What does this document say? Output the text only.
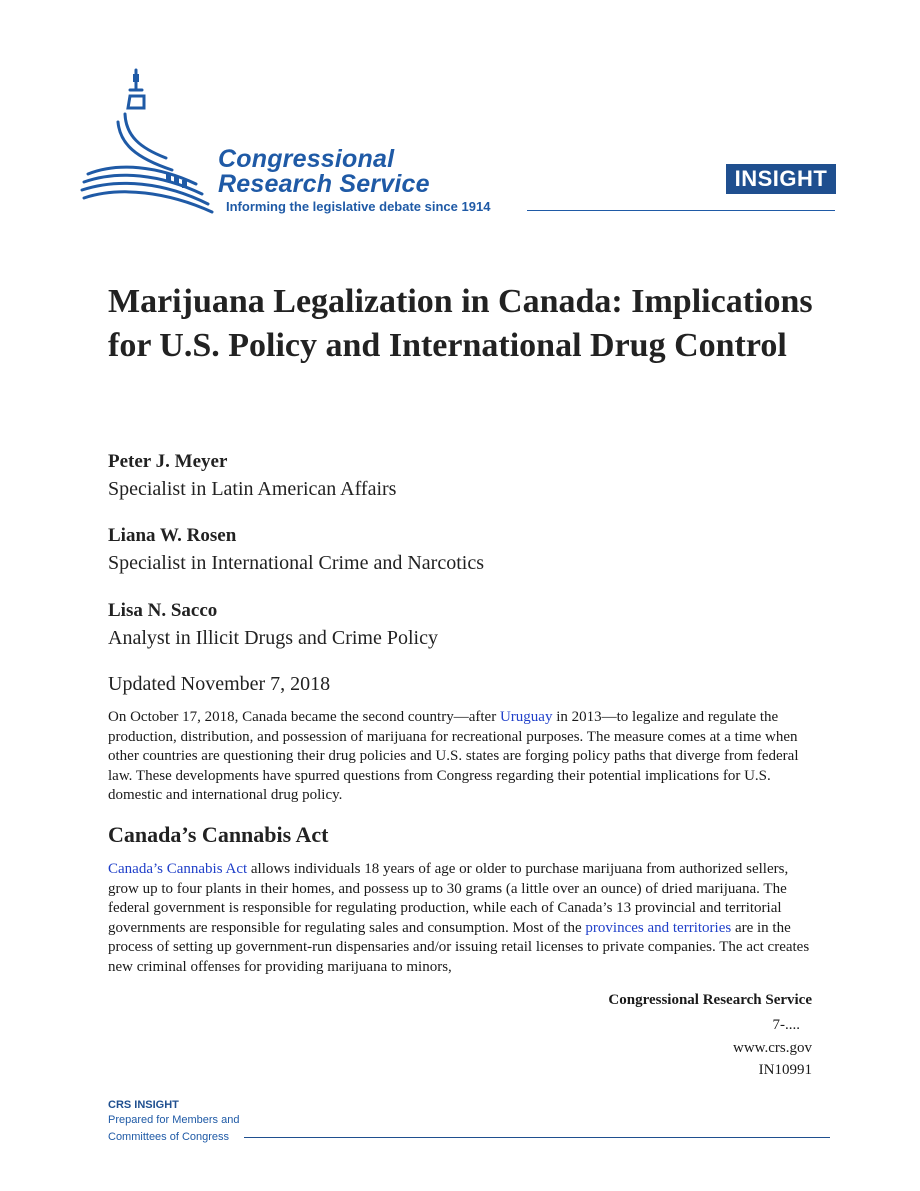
Congressional
Research Service
Informing the legislative debate since 1914
INSIGHT
Marijuana Legalization in Canada: Implications for U.S. Policy and International Drug Control
Peter J. Meyer
Specialist in Latin American Affairs
Liana W. Rosen
Specialist in International Crime and Narcotics
Lisa N. Sacco
Analyst in Illicit Drugs and Crime Policy
Updated November 7, 2018

On October 17, 2018, Canada became the second country—after Uruguay in 2013—to legalize and regulate the production, distribution, and possession of marijuana for recreational purposes. The measure comes at a time when other countries are questioning their drug policies and U.S. states are forging policy paths that diverge from federal law. These developments have spurred questions from Congress regarding their potential implications for U.S. domestic and international drug policy.

Canada’s Cannabis Act

Canada’s Cannabis Act allows individuals 18 years of age or older to purchase marijuana from authorized sellers, grow up to four plants in their homes, and possess up to 30 grams (a little over an ounce) of dried marijuana. The federal government is responsible for regulating production, while each of Canada’s 13 provincial and territorial governments are responsible for regulating sales and consumption. Most of the provinces and territories are in the process of setting up government-run dispensaries and/or issuing retail licenses to private companies. The act creates new criminal offenses for providing marijuana to minors,

Congressional Research Service
7-....
www.crs.gov
IN10991
CRS INSIGHT
Prepared for Members and
Committees of Congress
